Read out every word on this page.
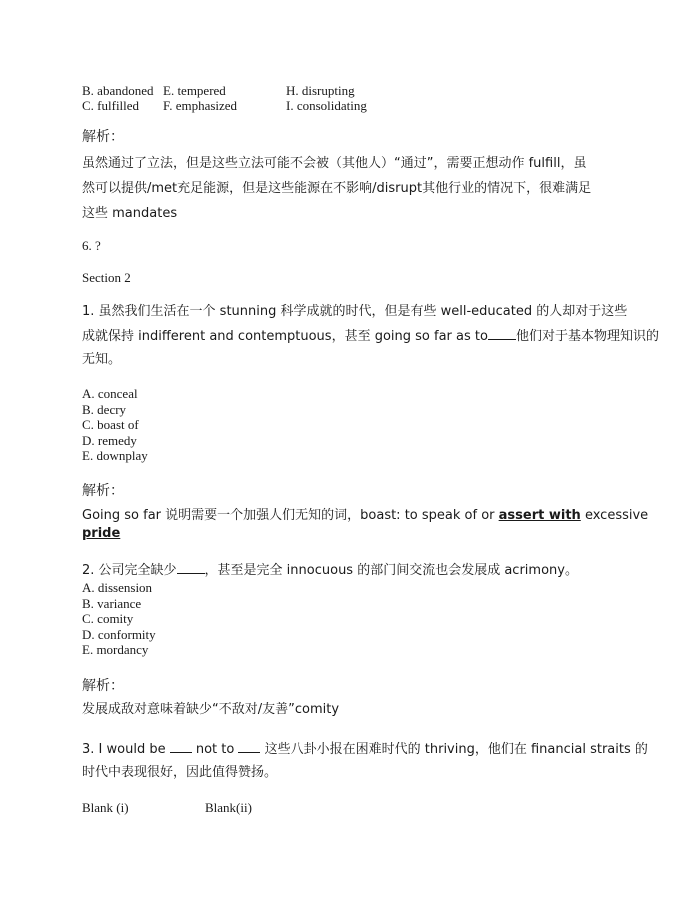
B. abandoned
C. fulfilled
E. tempered
F. emphasized
H. disrupting
I. consolidating
解析：
虽然通过了立法，但是这些立法可能不会被（其他人）“通过”，需要正想动作 fulfill，虽
然可以提供/met充足能源，但是这些能源在不影响/disrupt其他行业的情况下，很难满足
这些 mandates
6. ?
Section 2
1. 虽然我们生活在一个 stunning 科学成就的时代，但是有些 well-educated 的人却对于这些
成就保持 indifferent and contemptuous，甚至 going so far as to 他们对于基本物理知识的
无知。
A. conceal
B. decry
C. boast of
D. remedy
E. downplay
解析：
Going so far 说明需要一个加强人们无知的词，boast: to speak of or assert with excessive
pride
2. 公司完全缺少 ，甚至是完全 innocuous 的部门间交流也会发展成 acrimony。
A. dissension
B. variance
C. comity
D. conformity
E. mordancy
解析：
发展成敌对意味着缺少“不敌对/友善”comity
3. I would be not to 这些八卦小报在困难时代的 thriving，他们在 financial straits 的
时代中表现很好，因此值得赞扬。
Blank (i)	Blank(ii)
